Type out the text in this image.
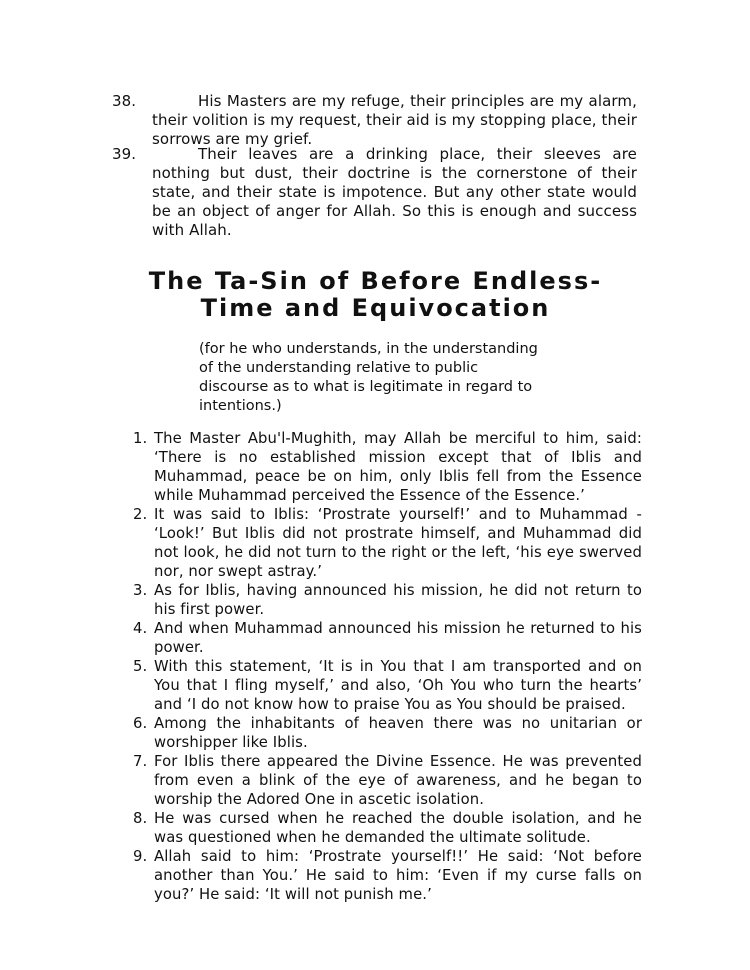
38.	His Masters are my refuge, their principles are my alarm, their volition is my request, their aid is my stopping place, their sorrows are my grief.
39.	Their leaves are a drinking place, their sleeves are nothing but dust, their doctrine is the cornerstone of their state, and their state is impotence. But any other state would be an object of anger for Allah. So this is enough and success with Allah.
The Ta-Sin of Before Endless-Time and Equivocation
(for he who understands, in the understanding of the understanding relative to public discourse as to what is legitimate in regard to intentions.)
1. The Master Abu'l-Mughith, may Allah be merciful to him, said: ‘There is no established mission except that of Iblis and Muhammad, peace be on him, only Iblis fell from the Essence while Muhammad perceived the Essence of the Essence.’
2. It was said to Iblis: ‘Prostrate yourself!’ and to Muhammad - ‘Look!’ But Iblis did not prostrate himself, and Muhammad did not look, he did not turn to the right or the left, ‘his eye swerved nor, nor swept astray.’
3. As for Iblis, having announced his mission, he did not return to his first power.
4. And when Muhammad announced his mission he returned to his power.
5. With this statement, ‘It is in You that I am transported and on You that I fling myself,’ and also, ‘Oh You who turn the hearts’ and ‘I do not know how to praise You as You should be praised.
6. Among the inhabitants of heaven there was no unitarian or worshipper like Iblis.
7. For Iblis there appeared the Divine Essence. He was prevented from even a blink of the eye of awareness, and he began to worship the Adored One in ascetic isolation.
8. He was cursed when he reached the double isolation, and he was questioned when he demanded the ultimate solitude.
9. Allah said to him: ‘Prostrate yourself!!’ He said: ‘Not before another than You.’ He said to him: ‘Even if my curse falls on you?’ He said: ‘It will not punish me.’
